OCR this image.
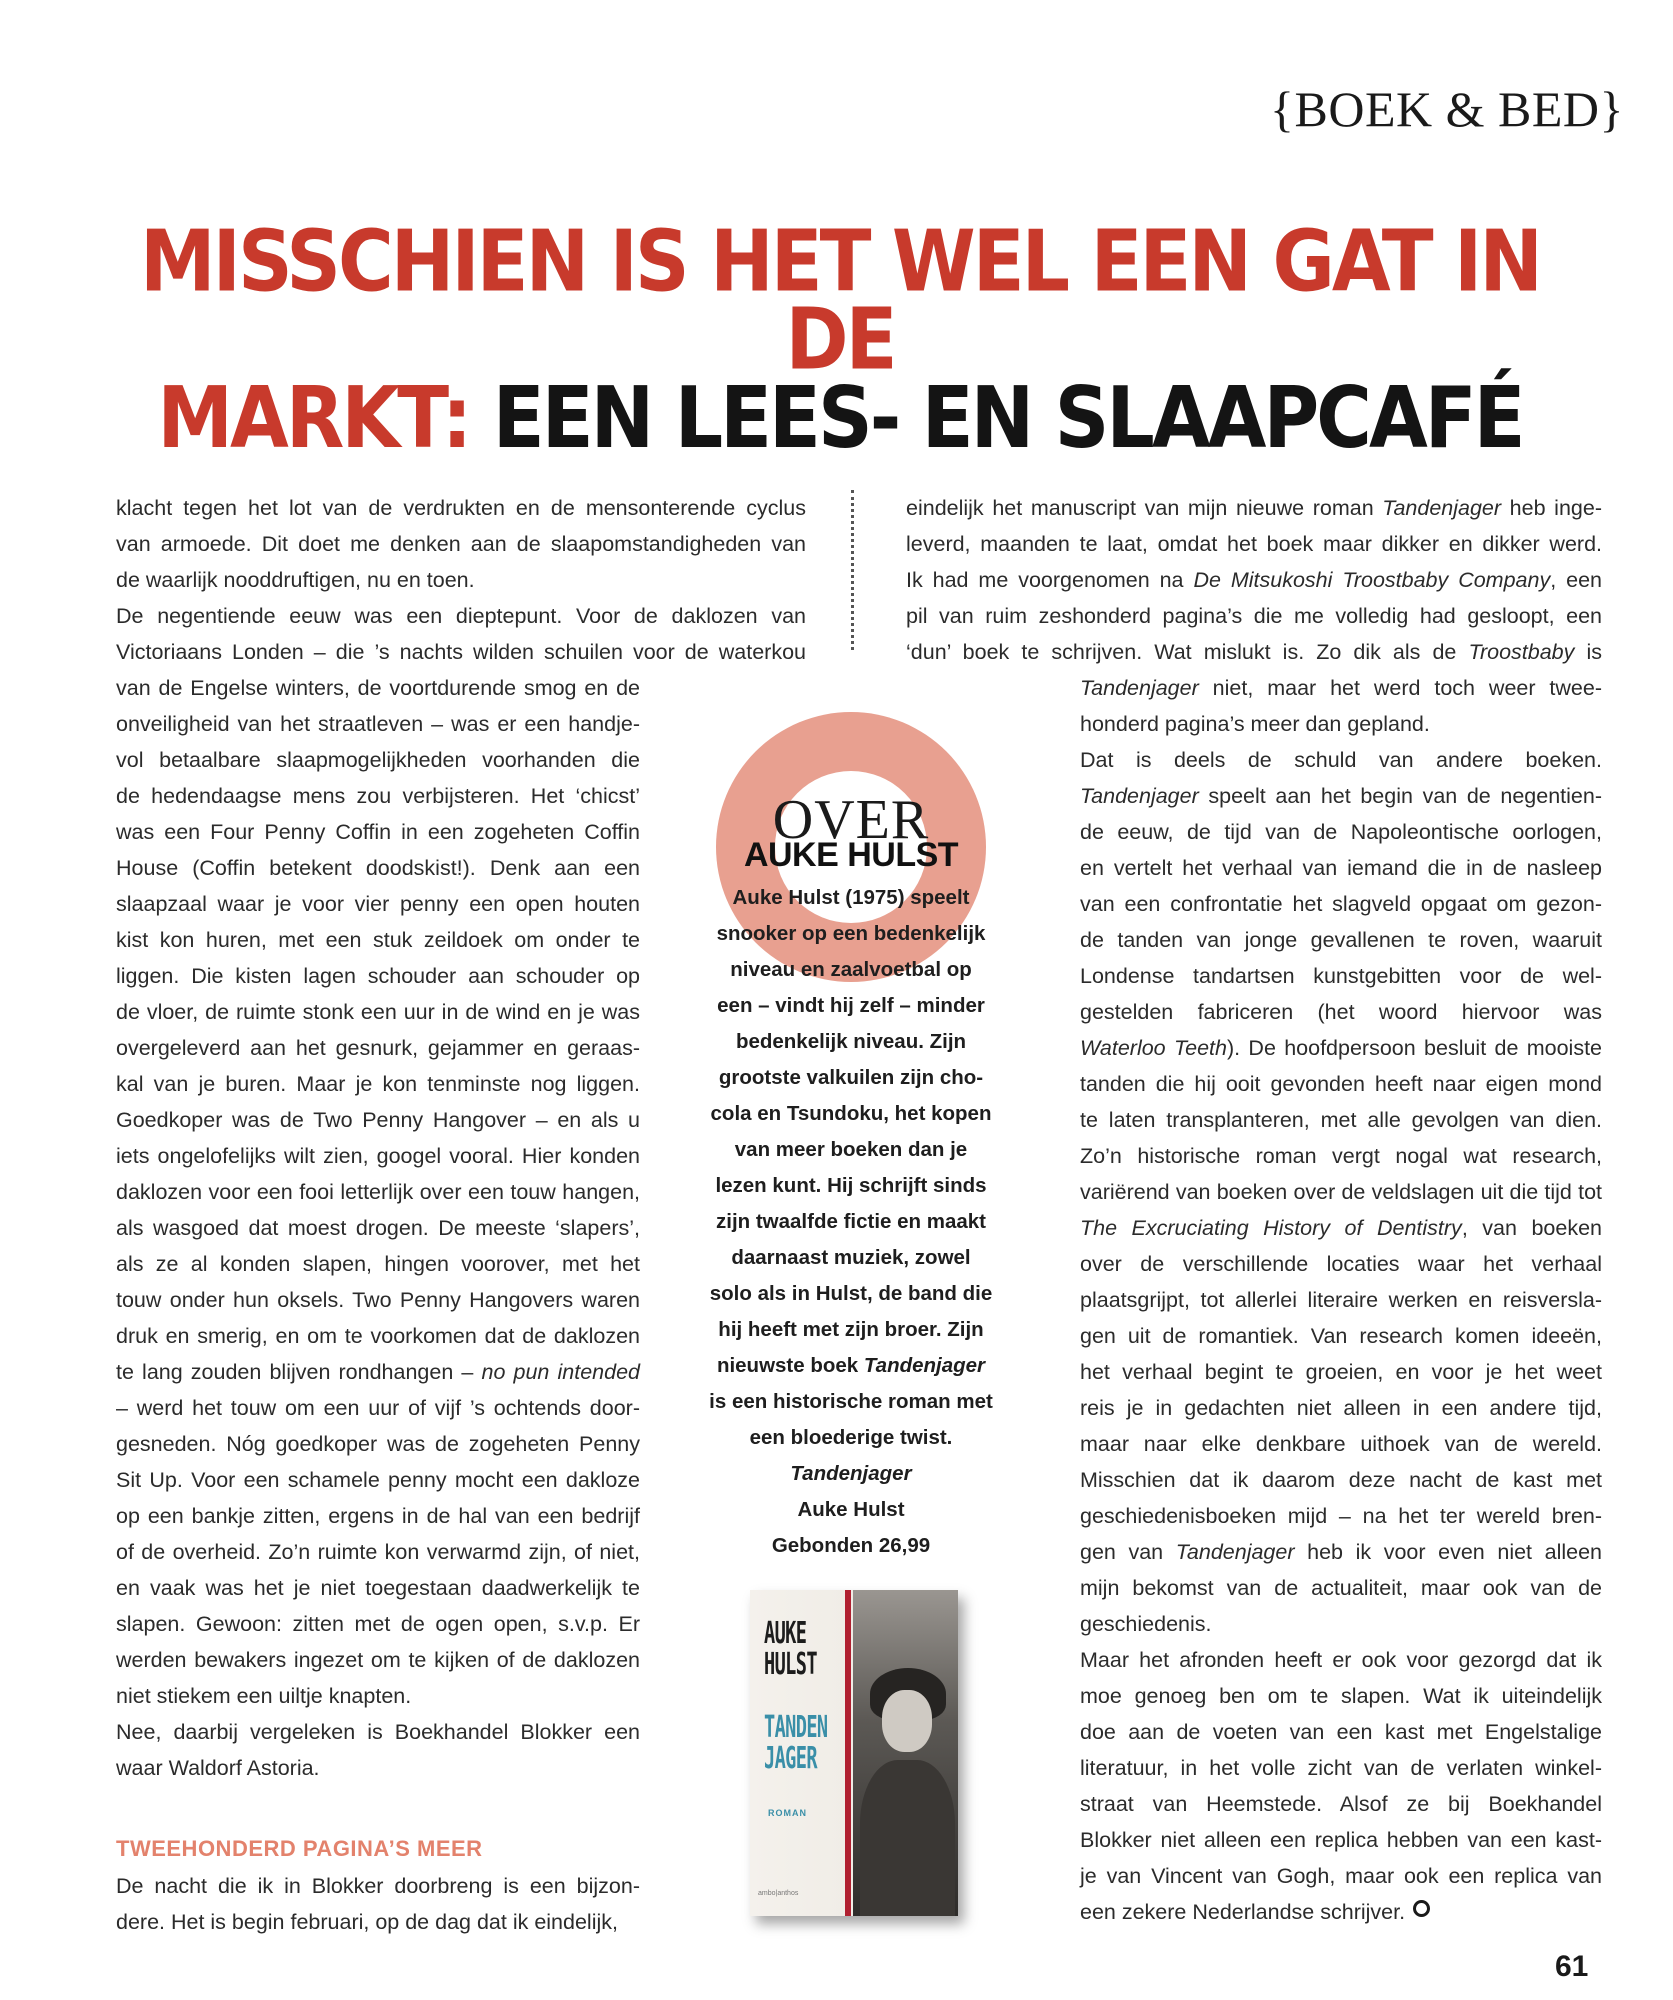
{BOEK & BED}
MISSCHIEN IS HET WEL EEN GAT IN DE
MARKT: EEN LEES- EN SLAAPCAFÉ
klacht tegen het lot van de verdrukten en de mensonterende cyclus
van armoede. Dit doet me denken aan de slaapomstandigheden van
de waarlijk nooddruftigen, nu en toen.
De negentiende eeuw was een dieptepunt. Voor de daklozen van
Victoriaans Londen – die ’s nachts wilden schuilen voor de waterkou
eindelijk het manuscript van mijn nieuwe roman Tandenjager heb inge-
leverd, maanden te laat, omdat het boek maar dikker en dikker werd.
Ik had me voorgenomen na De Mitsukoshi Troostbaby Company, een
pil van ruim zeshonderd pagina’s die me volledig had gesloopt, een
‘dun’ boek te schrijven. Wat mislukt is. Zo dik als de Troostbaby is
van de Engelse winters, de voortdurende smog en de
onveiligheid van het straatleven – was er een handje-
vol betaalbare slaapmogelijkheden voorhanden die
de hedendaagse mens zou verbijsteren. Het ‘chicst’
was een Four Penny Coffin in een zogeheten Coffin
House (Coffin betekent doodskist!). Denk aan een
slaapzaal waar je voor vier penny een open houten
kist kon huren, met een stuk zeildoek om onder te
liggen. Die kisten lagen schouder aan schouder op
de vloer, de ruimte stonk een uur in de wind en je was
overgeleverd aan het gesnurk, gejammer en geraas-
kal van je buren. Maar je kon tenminste nog liggen.
Goedkoper was de Two Penny Hangover – en als u
iets ongelofelijks wilt zien, googel vooral. Hier konden
daklozen voor een fooi letterlijk over een touw hangen,
als wasgoed dat moest drogen. De meeste ‘slapers’,
als ze al konden slapen, hingen voorover, met het
touw onder hun oksels. Two Penny Hangovers waren
druk en smerig, en om te voorkomen dat de daklozen
te lang zouden blijven rondhangen – no pun intended
– werd het touw om een uur of vijf ’s ochtends door-
gesneden. Nóg goedkoper was de zogeheten Penny
Sit Up. Voor een schamele penny mocht een dakloze
op een bankje zitten, ergens in de hal van een bedrijf
of de overheid. Zo’n ruimte kon verwarmd zijn, of niet,
en vaak was het je niet toegestaan daadwerkelijk te
slapen. Gewoon: zitten met de ogen open, s.v.p. Er
werden bewakers ingezet om te kijken of de daklozen
niet stiekem een uiltje knapten.
Nee, daarbij vergeleken is Boekhandel Blokker een
waar Waldorf Astoria.
TWEEHONDERD PAGINA’S MEER
De nacht die ik in Blokker doorbreng is een bijzon-
dere. Het is begin februari, op de dag dat ik eindelijk,
Tandenjager niet, maar het werd toch weer twee-
honderd pagina’s meer dan gepland.
Dat is deels de schuld van andere boeken.
Tandenjager speelt aan het begin van de negentien-
de eeuw, de tijd van de Napoleontische oorlogen,
en vertelt het verhaal van iemand die in de nasleep
van een confrontatie het slagveld opgaat om gezon-
de tanden van jonge gevallenen te roven, waaruit
Londense tandartsen kunstgebitten voor de wel-
gestelden fabriceren (het woord hiervoor was
Waterloo Teeth). De hoofdpersoon besluit de mooiste
tanden die hij ooit gevonden heeft naar eigen mond
te laten transplanteren, met alle gevolgen van dien.
Zo’n historische roman vergt nogal wat research,
variërend van boeken over de veldslagen uit die tijd tot
The Excruciating History of Dentistry, van boeken
over de verschillende locaties waar het verhaal
plaatsgrijpt, tot allerlei literaire werken en reisversla-
gen uit de romantiek. Van research komen ideeën,
het verhaal begint te groeien, en voor je het weet
reis je in gedachten niet alleen in een andere tijd,
maar naar elke denkbare uithoek van de wereld.
Misschien dat ik daarom deze nacht de kast met
geschiedenisboeken mijd – na het ter wereld bren-
gen van Tandenjager heb ik voor even niet alleen
mijn bekomst van de actualiteit, maar ook van de
geschiedenis.
Maar het afronden heeft er ook voor gezorgd dat ik
moe genoeg ben om te slapen. Wat ik uiteindelijk
doe aan de voeten van een kast met Engelstalige
literatuur, in het volle zicht van de verlaten winkel-
straat van Heemstede. Alsof ze bij Boekhandel
Blokker niet alleen een replica hebben van een kast-
je van Vincent van Gogh, maar ook een replica van
een zekere Nederlandse schrijver.
OVER
AUKE HULST
Auke Hulst (1975) speelt
snooker op een bedenkelijk
niveau en zaalvoetbal op
een – vindt hij zelf – minder
bedenkelijk niveau. Zijn
grootste valkuilen zijn cho-
cola en Tsundoku, het kopen
van meer boeken dan je
lezen kunt. Hij schrijft sinds
zijn twaalfde fictie en maakt
daarnaast muziek, zowel
solo als in Hulst, de band die
hij heeft met zijn broer. Zijn
nieuwste boek Tandenjager
is een historische roman met
een bloederige twist.
Tandenjager
Auke Hulst
Gebonden 26,99
AUKE
HULST
TANDEN
JAGER
ROMAN
ambo|anthos
61
